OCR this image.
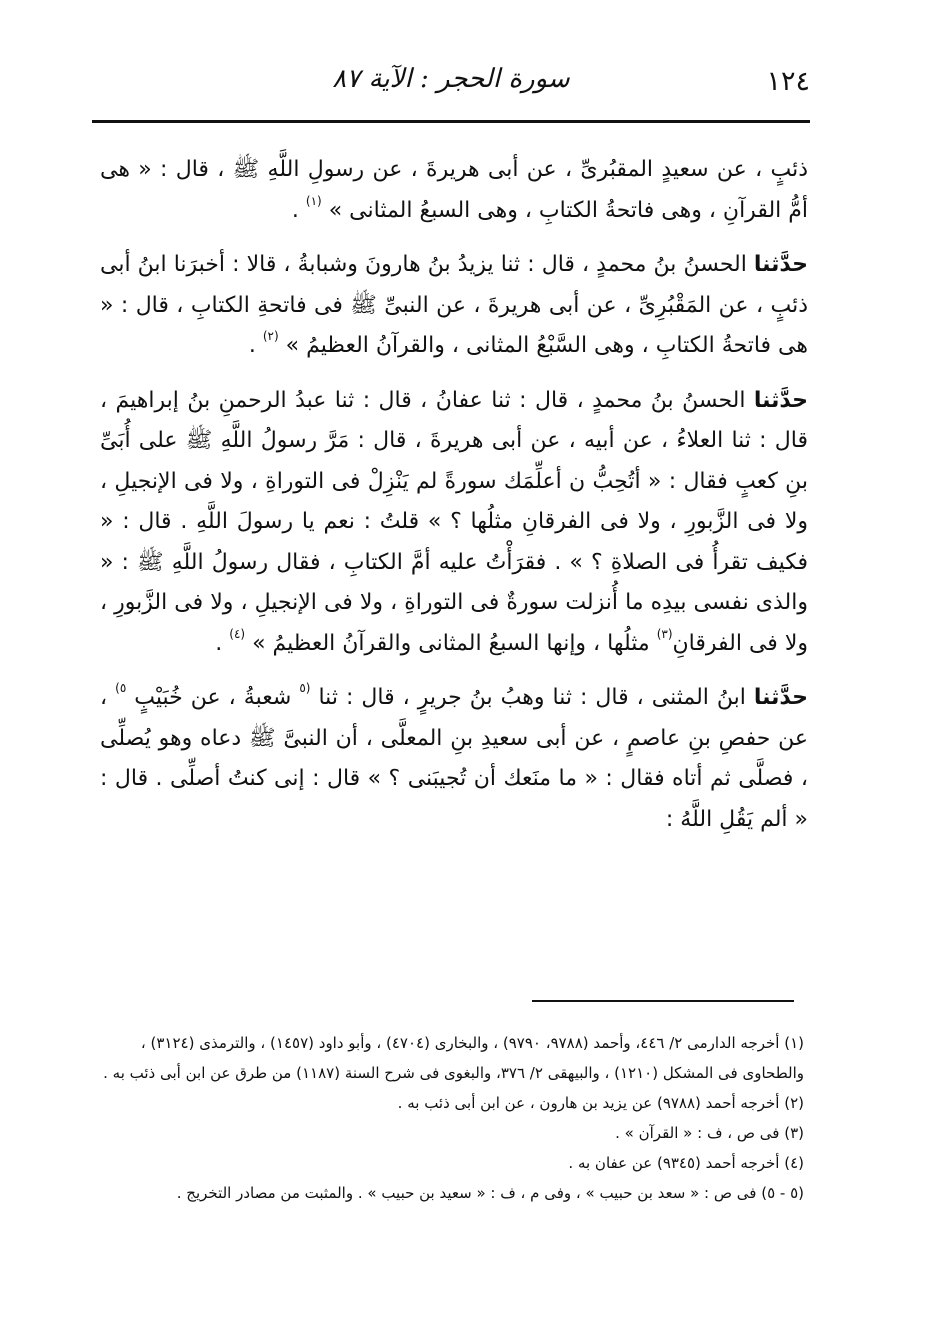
١٢٤
سورة الحجر : الآية ٨٧

ذئبٍ ، عن سعيدٍ المقبُرىِّ ، عن أبى هريرةَ ، عن رسولِ اللَّهِ ﷺ ، قال : « هى أمُّ القرآنِ ، وهى فاتحةُ الكتابِ ، وهى السبعُ المثانى » $^{(١)}$ .

حدَّثنا الحسنُ بنُ محمدٍ ، قال : ثنا يزيدُ بنُ هارونَ وشبابةُ ، قالا : أخبرَنا ابنُ أبى ذئبٍ ، عن المَقْبُرِىِّ ، عن أبى هريرةَ ، عن النبىِّ ﷺ فى فاتحةِ الكتابِ ، قال : « هى فاتحةُ الكتابِ ، وهى السَّبْعُ المثانى ، والقرآنُ العظيمُ » $^{(٢)}$ .

حدَّثنا الحسنُ بنُ محمدٍ ، قال : ثنا عفانُ ، قال : ثنا عبدُ الرحمنِ بنُ إبراهيمَ ، قال : ثنا العلاءُ ، عن أبيه ، عن أبى هريرةَ ، قال : مَرَّ رسولُ اللَّهِ ﷺ على أُبَىِّ بنِ كعبٍ فقال : « أتُحِبُّ ن أعلِّمَك سورةً لم يَنْزِلْ فى التوراةِ ، ولا فى الإنجيلِ ، ولا فى الزَّبورِ ، ولا فى الفرقانِ مثلُها ؟ » قلتُ : نعم يا رسولَ اللَّهِ . قال : « فكيف تقرأُ فى الصلاةِ ؟ » . فقرَأْتُ عليه أمَّ الكتابِ ، فقال رسولُ اللَّهِ ﷺ : « والذى نفسى بيدِه ما أُنزلت سورةٌ فى التوراةِ ، ولا فى الإنجيلِ ، ولا فى الزَّبورِ ، ولا فى الفرقانِ$^{(٣)}$ مثلُها ، وإنها السبعُ المثانى والقرآنُ العظيمُ » $^{(٤)}$ .

حدَّثنا ابنُ المثنى ، قال : ثنا وهبُ بنُ جريرٍ ، قال : ثنا $^{(٥}$ شعبةُ ، عن خُبَيْبٍ $^{٥)}$ ، عن حفصِ بنِ عاصمٍ ، عن أبى سعيدِ بنِ المعلَّى ، أن النبىَّ ﷺ دعاه وهو يُصلِّى ، فصلَّى ثم أتاه فقال : « ما منَعك أن تُجيبَنى ؟ » قال : إنى كنتُ أصلِّى . قال : « ألم يَقُلِ اللَّهُ :

(١) أخرجه الدارمى ٢/ ٤٤٦، وأحمد (٩٧٨٨، ٩٧٩٠) ، والبخارى (٤٧٠٤) ، وأبو داود (١٤٥٧) ، والترمذى (٣١٢٤) ، والطحاوى فى المشكل (١٢١٠) ، والبيهقى ٢/ ٣٧٦، والبغوى فى شرح السنة (١١٨٧) من طرق عن ابن أبى ذئب به .

(٢) أخرجه أحمد (٩٧٨٨) عن يزيد بن هارون ، عن ابن أبى ذئب به .

(٣) فى ص ، ف : « القرآن » .

(٤) أخرجه أحمد (٩٣٤٥) عن عفان به .

(٥ - ٥) فى ص : « سعد بن حبيب » ، وفى م ، ف : « سعيد بن حبيب » . والمثبت من مصادر التخريج .
